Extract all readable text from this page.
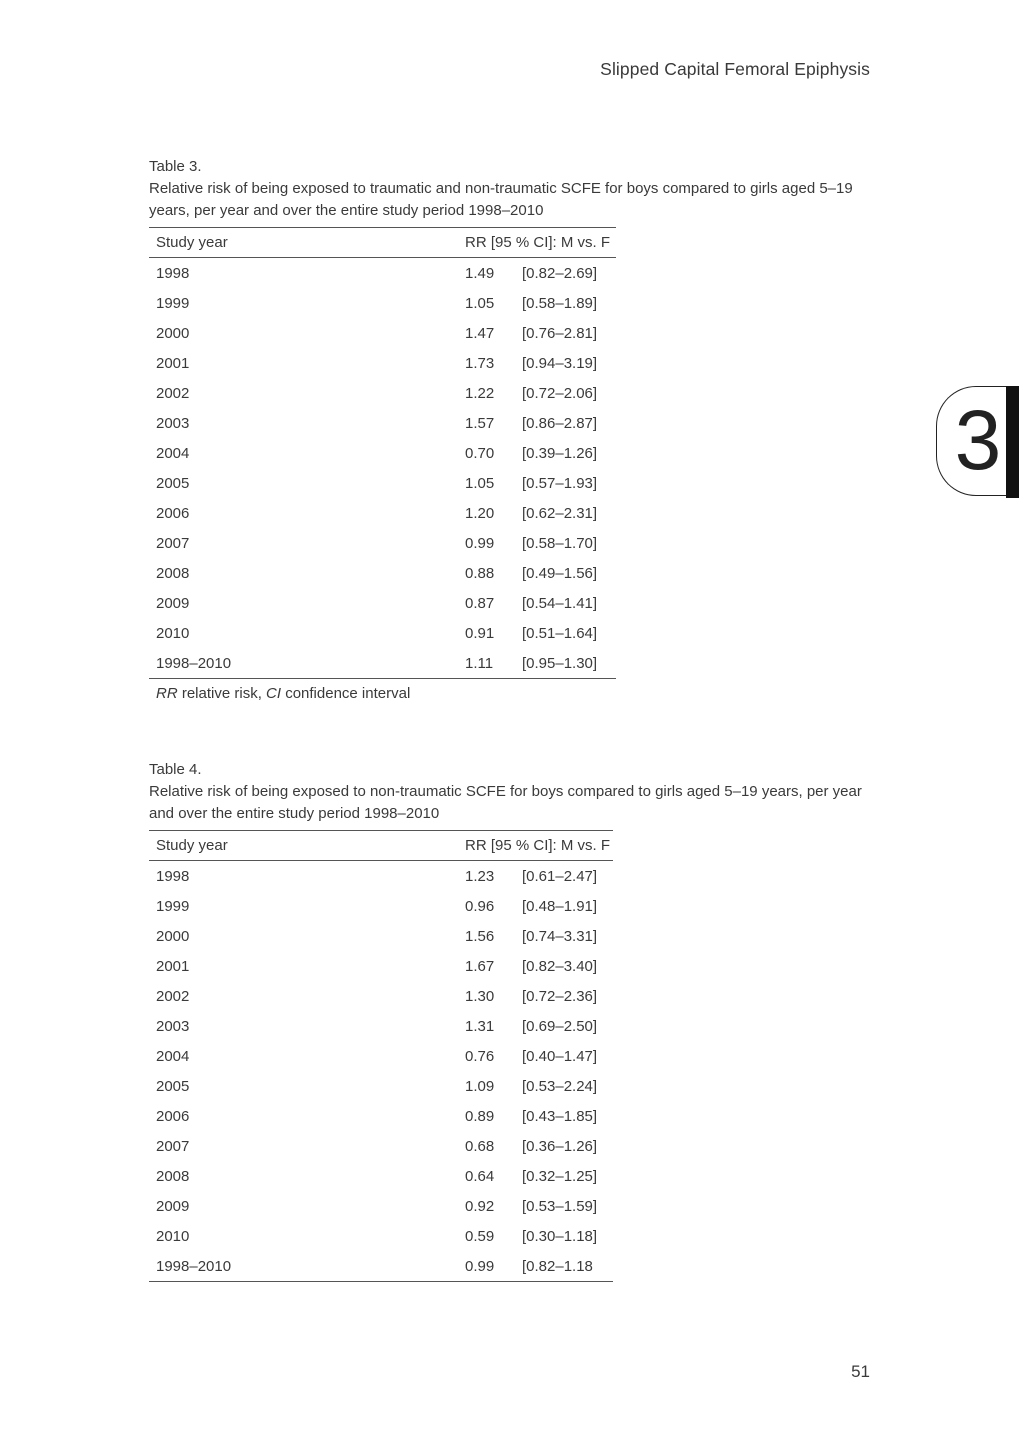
Slipped Capital Femoral Epiphysis
3
Table 3.
Relative risk of being exposed to traumatic and non-traumatic SCFE for boys compared to girls aged 5–19 years, per year and over the entire study period 1998–2010
Study year	RR [95 % CI]: M vs. F	
1998	1.49	[0.82–2.69]
1999	1.05	[0.58–1.89]
2000	1.47	[0.76–2.81]
2001	1.73	[0.94–3.19]
2002	1.22	[0.72–2.06]
2003	1.57	[0.86–2.87]
2004	0.70	[0.39–1.26]
2005	1.05	[0.57–1.93]
2006	1.20	[0.62–2.31]
2007	0.99	[0.58–1.70]
2008	0.88	[0.49–1.56]
2009	0.87	[0.54–1.41]
2010	0.91	[0.51–1.64]
1998–2010	1.11	[0.95–1.30]
RR relative risk, CI confidence interval
Table 4.
Relative risk of being exposed to non-traumatic SCFE for boys compared to girls aged 5–19 years, per year and over the entire study period 1998–2010
Study year	RR [95 % CI]: M vs. F	
1998	1.23	[0.61–2.47]
1999	0.96	[0.48–1.91]
2000	1.56	[0.74–3.31]
2001	1.67	[0.82–3.40]
2002	1.30	[0.72–2.36]
2003	1.31	[0.69–2.50]
2004	0.76	[0.40–1.47]
2005	1.09	[0.53–2.24]
2006	0.89	[0.43–1.85]
2007	0.68	[0.36–1.26]
2008	0.64	[0.32–1.25]
2009	0.92	[0.53–1.59]
2010	0.59	[0.30–1.18]
1998–2010	0.99	[0.82–1.18
51
